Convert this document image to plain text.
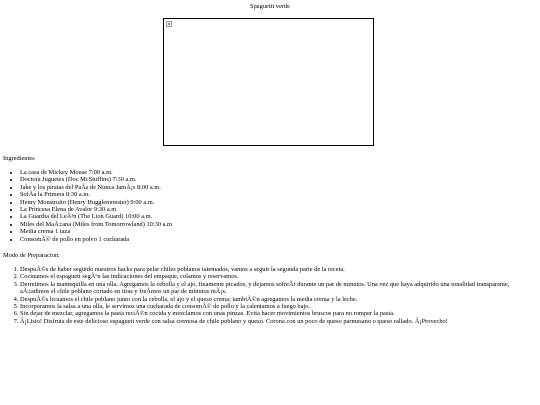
Spaguetti verde
Ingredientes
• La casa de Mickey Mouse 7:00 a.m.
• Doctora Juguetes (Doc McStuffins) 7:30 a.m.
• Jake y los piratas del PaÃs de Nunca JamÃ¡s 8:00 a.m.
• SofÃa la Primera 8:30 a.m.
• Henry Monstruito (Henry Hugglemonster) 9:00 a.m.
• La Princesa Elena de Avalor 9:30 a.m
• La Guardia del LeÃ³n (The Lion Guard) 10:00 a.m.
• Miles del MaÃ±ana (Miles from Tomorrowland) 10:30 a.m
• Media crema 1 taza
• ConsomÃ© de pollo en polvo 1 cucharada
Modo de Preparacion:
1. DespuÃ©s de haber seguido nuestros hacks para pelar chiles poblanos tatemados, vamos a seguir la segunda parte de la receta.
2. Cocinamos el espagueti segÃºn las indicaciones del empaque, colamos y reservamos.
3. Derretimos la mantequilla en una olla. Agregamos la cebolla y el ajo, finamente picados, y dejamos sofreÃr durante un par de minutos. Una vez que haya adquirido una tonalidad transparente, aÃ±adimos el chile poblano cortado en tiras y freÃmos un par de minutos mÃ¡s.
4. DespuÃ©s licuamos el chile poblano junto con la cebolla, el ajo y el queso crema; tambiÃ©n agregamos la media crema y la leche.
5. Incorporamos la salsa a una olla, le servimos una cucharada de consomÃ© de pollo y la calentamos a fuego bajo.
6. Sin dejar de mezclar, agregamos la pasta reciÃ©n cocida y mezclamos con unas pinzas. Evita hacer movimientos bruscos para no romper la pasta.
7. Â¡Listo! Disfruta de este delicioso espagueti verde con salsa cremosa de chile poblano y queso. Corona con un poco de queso parmesano o queso rallado. Â¡Provecho!
